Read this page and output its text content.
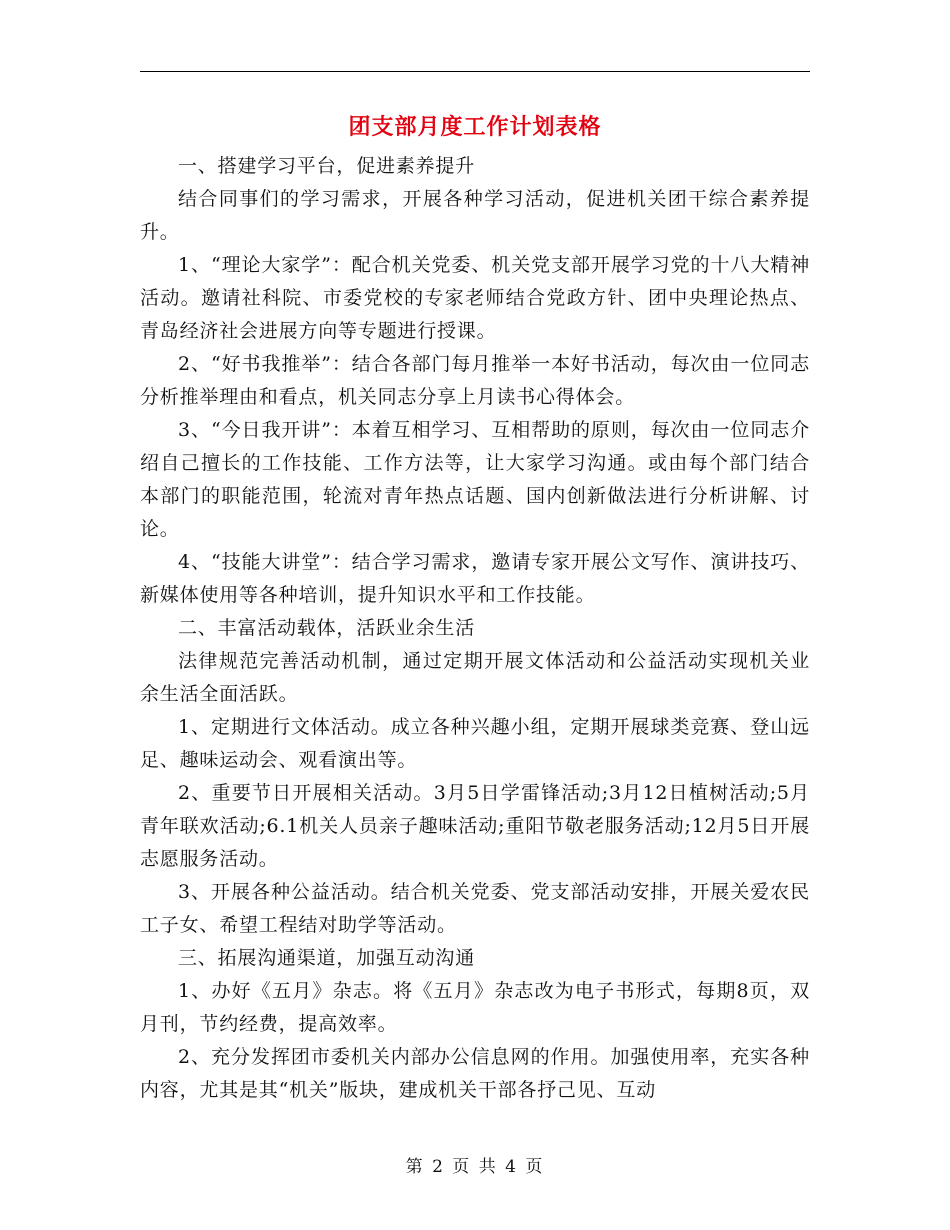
团支部月度工作计划表格

一、搭建学习平台，促进素养提升

结合同事们的学习需求，开展各种学习活动，促进机关团干综合素养提升。

1、“理论大家学”：配合机关党委、机关党支部开展学习党的十八大精神活动。邀请社科院、市委党校的专家老师结合党政方针、团中央理论热点、青岛经济社会进展方向等专题进行授课。

2、“好书我推举”：结合各部门每月推举一本好书活动，每次由一位同志分析推举理由和看点，机关同志分享上月读书心得体会。

3、“今日我开讲”：本着互相学习、互相帮助的原则，每次由一位同志介绍自己擅长的工作技能、工作方法等，让大家学习沟通。或由每个部门结合本部门的职能范围，轮流对青年热点话题、国内创新做法进行分析讲解、讨论。

4、“技能大讲堂”：结合学习需求，邀请专家开展公文写作、演讲技巧、新媒体使用等各种培训，提升知识水平和工作技能。

二、丰富活动载体，活跃业余生活

法律规范完善活动机制，通过定期开展文体活动和公益活动实现机关业余生活全面活跃。

1、定期进行文体活动。成立各种兴趣小组，定期开展球类竞赛、登山远足、趣味运动会、观看演出等。

2、重要节日开展相关活动。3月5日学雷锋活动;3月12日植树活动;5月青年联欢活动;6.1机关人员亲子趣味活动;重阳节敬老服务活动;12月5日开展志愿服务活动。

3、开展各种公益活动。结合机关党委、党支部活动安排，开展关爱农民工子女、希望工程结对助学等活动。

三、拓展沟通渠道，加强互动沟通

1、办好《五月》杂志。将《五月》杂志改为电子书形式，每期8页，双月刊，节约经费，提高效率。

2、充分发挥团市委机关内部办公信息网的作用。加强使用率，充实各种内容，尤其是其“机关”版块，建成机关干部各抒己见、互动

第 2 页 共 4 页
